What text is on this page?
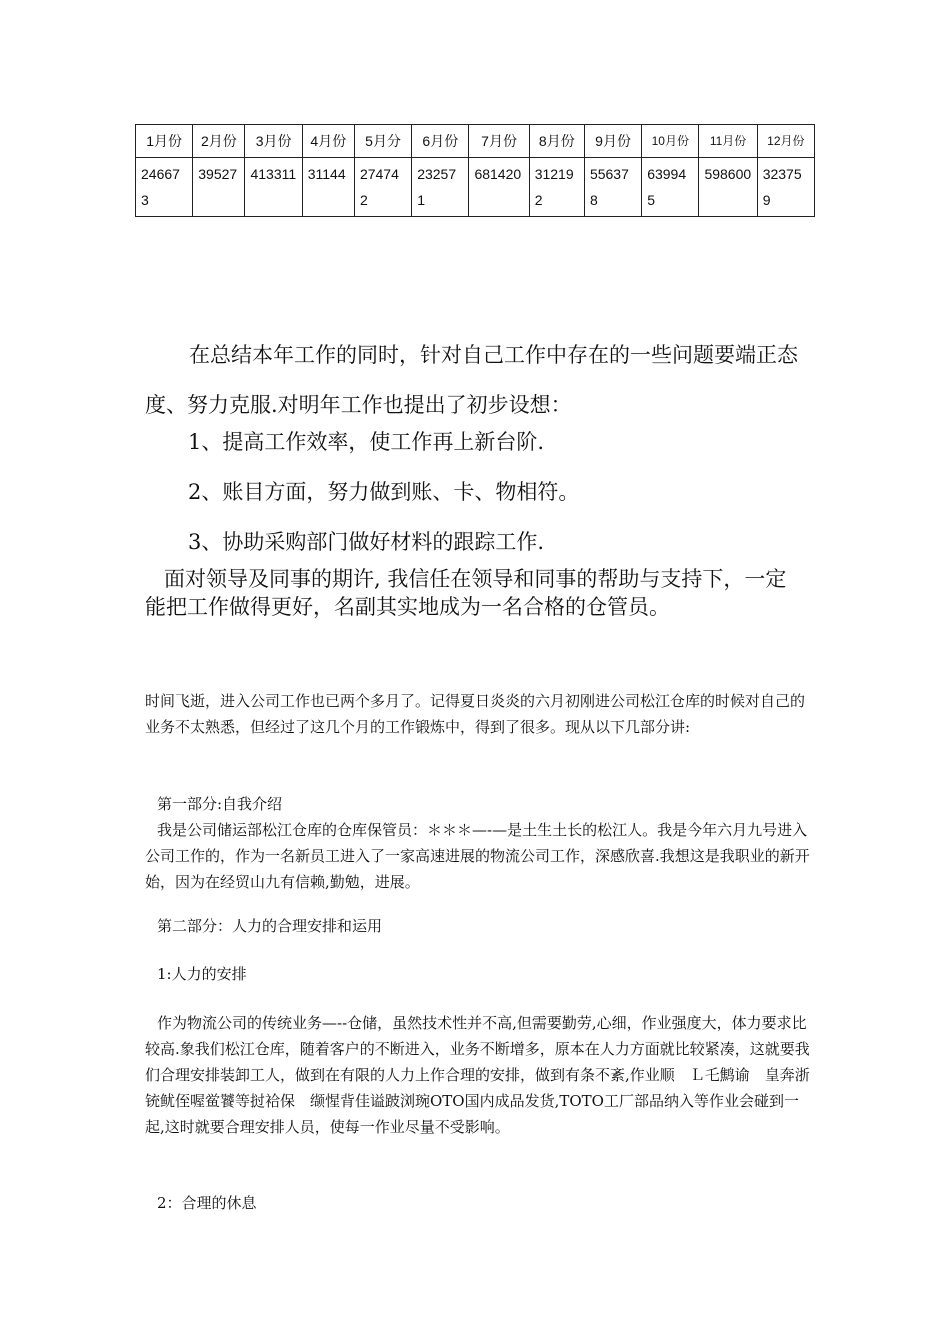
1月份	2月份	3月份	4月份	5月分	6月份	7月份	8月份	9月份	10月份	11月份	12月份
246673	39527	413311	31144	274742	232571	681420	312192	556378	639945	598600	323759
在总结本年工作的同时，针对自己工作中存在的一些问题要端正态度、努力克服.对明年工作也提出了初步设想：
1、提高工作效率，使工作再上新台阶.
2、账目方面，努力做到账、卡、物相符。
3、协助采购部门做好材料的跟踪工作.
面对领导及同事的期许, 我信任在领导和同事的帮助与支持下，一定能把工作做得更好，名副其实地成为一名合格的仓管员。
时间飞逝，进入公司工作也已两个多月了。记得夏日炎炎的六月初刚进公司松江仓库的时候对自己的业务不太熟悉，但经过了这几个月的工作锻炼中，得到了很多。现从以下几部分讲:
第一部分:自我介绍
我是公司储运部松江仓库的仓库保管员：＊＊＊—-—是土生土长的松江人。我是今年六月九号进入公司工作的，作为一名新员工进入了一家高速进展的物流公司工作，深感欣喜.我想这是我职业的新开始，因为在经贸山九有信赖,勤勉，进展。
第二部分：人力的合理安排和运用
1:人力的安排
作为物流公司的传统业务—--仓储，虽然技术性并不高,但需要勤劳,心细，作业强度大，体力要求比较高.象我们松江仓库，随着客户的不断进入，业务不断增多，原本在人力方面就比较紧凑，这就要我们合理安排装卸工人，做到在有限的人力上作合理的安排，做到有条不紊,作业顺　Ｌ乇鹪谕　皇奔浙铳鱿侄喔鲎饕等挝袷保　缬惺背佳谥跛浏琬OTO国内成品发货,TOTO工厂部品纳入等作业会碰到一起,这时就要合理安排人员，使每一作业尽量不受影响。
2：合理的休息
